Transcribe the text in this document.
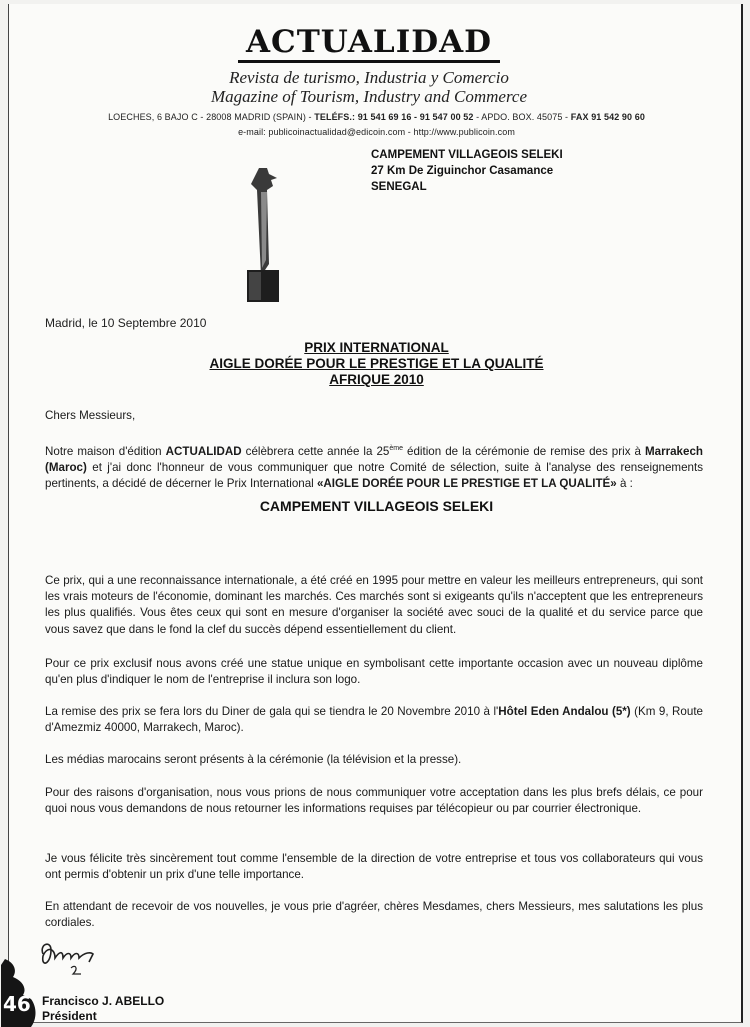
ACTUALIDAD
Revista de turismo, Industria y Comercio
Magazine of Tourism, Industry and Commerce
LOECHES, 6 BAJO C - 28008 MADRID (SPAIN) - TELÉFS.: 91 541 69 16 - 91 547 00 52 - APDO. BOX. 45075 - FAX 91 542 90 60
e-mail: publicoinactualidad@edicoin.com - http://www.publicoin.com
CAMPEMENT VILLAGEOIS SELEKI
27 Km De Ziguinchor Casamance
SENEGAL
Madrid, le 10 Septembre 2010
PRIX INTERNATIONAL
AIGLE DORÉE POUR LE PRESTIGE ET LA QUALITÉ
AFRIQUE 2010
Chers Messieurs,
Notre maison d'édition ACTUALIDAD célèbrera cette année la 25ème édition de la cérémonie de remise des prix à Marrakech (Maroc) et j'ai donc l'honneur de vous communiquer que notre Comité de sélection, suite à l'analyse des renseignements pertinents, a décidé de décerner le Prix International «AIGLE DORÉE POUR LE PRESTIGE ET LA QUALITÉ» à :
CAMPEMENT VILLAGEOIS SELEKI
Ce prix, qui a une reconnaissance internationale, a été créé en 1995 pour mettre en valeur les meilleurs entrepreneurs, qui sont les vrais moteurs de l'économie, dominant les marchés. Ces marchés sont si exigeants qu'ils n'acceptent que les entrepreneurs les plus qualifiés. Vous êtes ceux qui sont en mesure d'organiser la société avec souci de la qualité et du service parce que vous savez que dans le fond la clef du succès dépend essentiellement du client.
Pour ce prix exclusif nous avons créé une statue unique en symbolisant cette importante occasion avec un nouveau diplôme qu'en plus d'indiquer le nom de l'entreprise il inclura son logo.
La remise des prix se fera lors du Diner de gala qui se tiendra le 20 Novembre 2010 à l'Hôtel Eden Andalou (5*) (Km 9, Route d'Amezmiz 40000, Marrakech, Maroc).
Les médias marocains seront présents à la cérémonie (la télévision et la presse).
Pour des raisons d'organisation, nous vous prions de nous communiquer votre acceptation dans les plus brefs délais, ce pour quoi nous vous demandons de nous retourner les informations requises par télécopieur ou par courrier électronique.
Je vous félicite très sincèrement tout comme l'ensemble de la direction de votre entreprise et tous vos collaborateurs qui vous ont permis d'obtenir un prix d'une telle importance.
En attendant de recevoir de vos nouvelles, je vous prie d'agréer, chères Mesdames, chers Messieurs, mes salutations les plus cordiales.
46 Francisco J. ABELLO
Président
